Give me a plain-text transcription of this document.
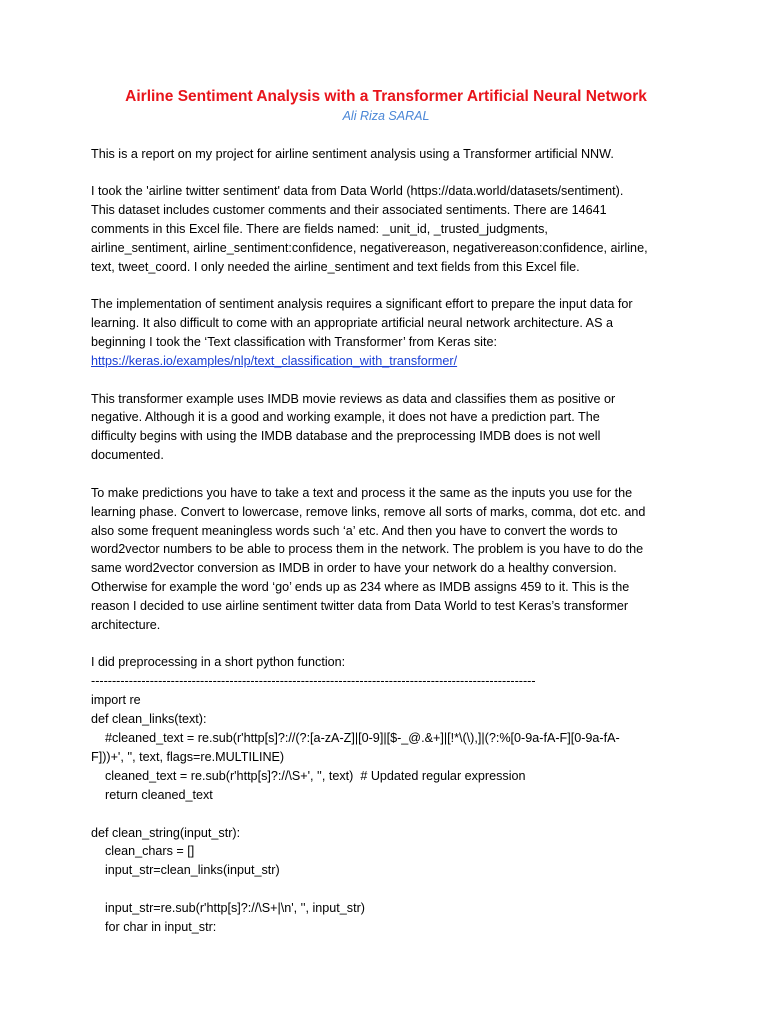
Airline Sentiment Analysis with a Transformer Artificial Neural Network

Ali Riza SARAL

This is a report on my project for airline sentiment analysis using a Transformer artificial NNW.

I took the 'airline twitter sentiment' data from Data World (https://data.world/datasets/sentiment).
This dataset includes customer comments and their associated sentiments. There are 14641
comments in this Excel file. There are fields named: _unit_id, _trusted_judgments,
airline_sentiment, airline_sentiment:confidence, negativereason, negativereason:confidence, airline,
text, tweet_coord. I only needed the airline_sentiment and text fields from this Excel file.

The implementation of sentiment analysis requires a significant effort to prepare the input data for
learning. It also difficult to come with an appropriate artificial neural network architecture. AS a
beginning I took the ‘Text classification with Transformer’ from Keras site:
https://keras.io/examples/nlp/text_classification_with_transformer/

This transformer example uses IMDB movie reviews as data and classifies them as positive or
negative. Although it is a good and working example, it does not have a prediction part. The
difficulty begins with using the IMDB database and the preprocessing IMDB does is not well
documented.

To make predictions you have to take a text and process it the same as the inputs you use for the
learning phase. Convert to lowercase, remove links, remove all sorts of marks, comma, dot etc. and
also some frequent meaningless words such ‘a’ etc. And then you have to convert the words to
word2vector numbers to be able to process them in the network. The problem is you have to do the
same word2vector conversion as IMDB in order to have your network do a healthy conversion.
Otherwise for example the word ‘go’ ends up as 234 where as IMDB assigns 459 to it. This is the
reason I decided to use airline sentiment twitter data from Data World to test Keras’s transformer
architecture.

I did preprocessing in a short python function:
----------------------------------------------------------------------------------------------------------
import re
def clean_links(text):
#cleaned_text = re.sub(r'http[s]?://(?:[a-zA-Z]|[0-9]|[$-_@.&+]|[!*\(\),]|(?:%[0-9a-fA-F][0-9a-fA-
F]))+', '', text, flags=re.MULTILINE)
cleaned_text = re.sub(r'http[s]?://\S+', '', text)  # Updated regular expression
return cleaned_text
def clean_string(input_str):
clean_chars = []
input_str=clean_links(input_str)
input_str=re.sub(r'http[s]?://\S+|\n', '', input_str)
for char in input_str:
